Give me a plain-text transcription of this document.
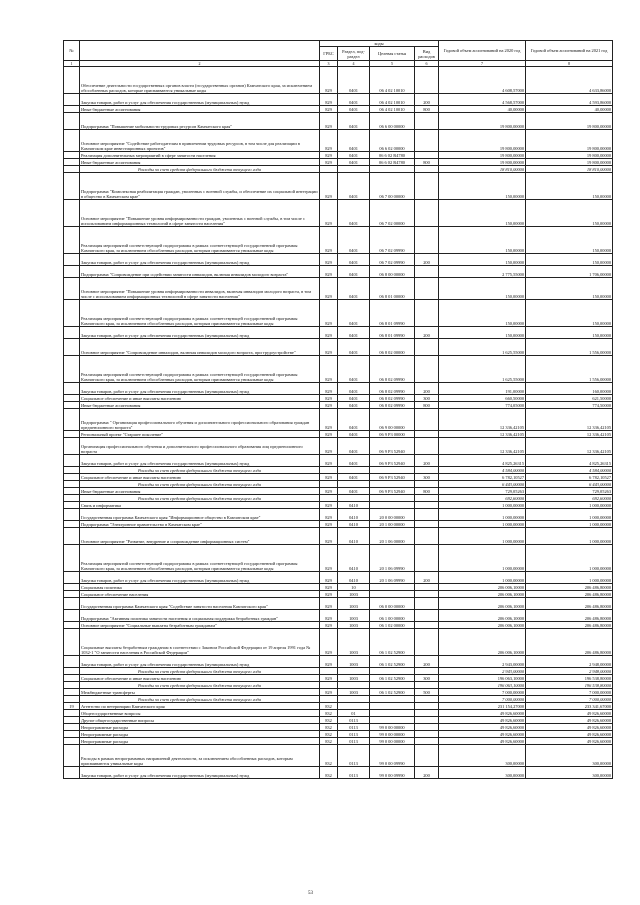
№		коды				Годовой объем ассигнований на 2020 год	Годовой объем ассигнований на 2021 год
		ГРБС	Раздел, под-раздел	Целевая статья	Вид расходов		
1	2	3	4	5	6	7	8
	Обеспечение деятельности государственных органов власти (государственных органов) Камчатского края, за исключением обособленных расходов, которые присваиваются уникальные коды	829	0401	06 4 02 10010		4 608,57000	4 633,86000
	Закупка товаров, работ и услуг для обеспечения государственных (муниципальных) нужд	829	0401	06 4 02 10010	200	4 568,57000	4 593,86000
	Иные бюджетные ассигнования	829	0401	06 4 02 10010	800	40,00000	40,00000
	Подпрограмма "Повышение мобильности трудовых ресурсов Камчатского края"	829	0401	06 6 00 00000		19 800,00000	19 800,00000
	Основное мероприятие "Содействие работодателям в привлечении трудовых ресурсов, в том числе для реализации в Камчатском крае инвестиционных проектов"	829	0401	06 6 02 00000		19 800,00000	19 800,00000
	Реализация дополнительных мероприятий в сфере занятости населения	829	0401	06 6 02 R4780		19 800,00000	19 800,00000
	Иные бюджетные ассигнования	829	0401	06 6 02 R4780	800	19 800,00000	19 800,00000
	Расходы за счет средств федерального бюджета текущего года					18 810,00000	18 810,00000
	Подпрограмма "Комплексная реабилитация граждан, уволенных с военной службы, и обеспечение их социальной интеграции в общество в Камчатском крае"	829	0401	06 7 00 00000		150,00000	150,00000
	Основное мероприятие "Повышение уровня информированности граждан, уволенных с военной службы, в том числе с использованием информационных технологий в сфере занятости населения"	829	0401	06 7 02 00000		150,00000	150,00000
	Реализация мероприятий соответствующей подпрограммы в рамках соответствующей государственной программы Камчатского края, за исключением обособленных расходов, которым присваиваются уникальные коды	829	0401	06 7 02 09990		150,00000	150,00000
	Закупка товаров, работ и услуг для обеспечения государственных (муниципальных) нужд	829	0401	06 7 02 09990	200	150,00000	150,00000
	Подпрограмма "Сопровождение при содействии занятости инвалидов, включая инвалидов молодого возраста"	829	0401	06 8 00 00000		2 775,55000	1 706,00000
	Основное мероприятие "Повышение уровня информированности инвалидов, включая инвалидов молодого возраста, в том числе с использованием информационных технологий в сфере занятости населения"	829	0401	06 8 01 00000		150,00000	150,00000
	Реализация мероприятий соответствующей подпрограммы в рамках соответствующей государственной программы Камчатского края, за исключением обособленных расходов, которым присваиваются уникальные коды	829	0401	06 8 01 09990		150,00000	150,00000
	Закупка товаров, работ и услуг для обеспечения государственных (муниципальных) нужд	829	0401	06 8 01 09990	200	150,00000	150,00000
	Основное мероприятие "Сопровождение инвалидов, включая инвалидов молодого возраста, при трудоустройстве"	829	0401	06 8 02 00000		1 625,55000	1 556,00000
	Реализация мероприятий соответствующей подпрограммы в рамках соответствующей государственной программы Камчатского края, за исключением обособленных расходов, которым присваиваются уникальные коды	829	0401	06 8 02 09990		1 625,55000	1 556,00000
	Закупка товаров, работ и услуг для обеспечения государственных (муниципальных) нужд	829	0401	06 8 02 09990	200	191,00000	160,00000
	Социальное обеспечение и иные выплаты населению	829	0401	06 8 02 09990	300	660,50000	621,50000
	Иные бюджетные ассигнования	829	0401	06 8 02 09990	800	774,05000	774,50000
	Подпрограмма " Организация профессионального обучения и дополнительного профессионального образования граждан предпенсионного возраста"	829	0401	06 9 00 00000		12 336,42105	12 336,42105
	Региональный проект "Старшее поколение"	829	0401	06 9 P3 00000		12 336,42105	12 336,42105
	Организация профессионального обучения и дополнительного профессионального образования лиц предпенсионного возраста	829	0401	06 9 P3 52940		12 336,42105	12 336,42105
	Закупка товаров, работ и услуг для обеспечения государственных (муниципальных) нужд	829	0401	06 9 P3 52940	200	4 825,26315	4 825,26315
	Расходы за счет средств федерального бюджета текущего года					4 584,00000	4 584,00000
	Социальное обеспечение и иные выплаты населению	829	0401	06 9 P3 52940	300	6 782,10527	6 782,10527
	Расходы за счет средств федерального бюджета текущего года					6 443,00000	6 443,00000
	Иные бюджетные ассигнования	829	0401	06 9 P3 52940	800	729,05263	729,05263
	Расходы за счет средств федерального бюджета текущего года					692,60000	692,60000
	Связь и информатика	829	0410			1 000,00000	1 000,00000
	Государственная программа Камчатского края "Информационное общество в Камчатском крае"	829	0410	20 0 00 00000		1 000,00000	1 000,00000
	Подпрограмма "Электронное правительство в Камчатском крае"	829	0410	20 1 00 00000		1 000,00000	1 000,00000
	Основное мероприятие "Развитие, внедрение и сопровождение информационных систем"	829	0410	20 1 06 00000		1 000,00000	1 000,00000
	Реализация мероприятий соответствующей подпрограммы в рамках соответствующей государственной программы Камчатского края, за исключением обособленных расходов, которым присваиваются уникальные коды	829	0410	20 1 06 09990		1 000,00000	1 000,00000
	Закупка товаров, работ и услуг для обеспечения государственных (муниципальных) нужд	829	0410	20 1 06 09990	200	1 000,00000	1 000,00000
	Социальная политика	829	10			206 006,10000	206 486,80000
	Социальное обеспечение населения	829	1003			206 006,10000	206 486,80000
	Государственная программа Камчатского края "Содействие занятости населения Камчатского края"	829	1003	06 0 00 00000		206 006,10000	206 486,80000
	Подпрограмма "Активная политика занятости населения и социальная поддержка безработных граждан"	829	1003	06 1 00 00000		206 006,10000	206 486,80000
	Основное мероприятие "Социальные выплаты безработным гражданам"	829	1003	06 1 02 00000		206 006,10000	206 486,80000
	Социальные выплаты безработным гражданам в соответствии с Законом Российской Федерации от 19 апреля 1991 года № 1032-1 "О занятости населения в Российской Федерации"	829	1003	06 1 02 52900		206 006,10000	206 486,80000
	Закупка товаров, работ и услуг для обеспечения государственных (муниципальных) нужд	829	1003	06 1 02 52900	200	2 943,00000	2 948,00000
	Расходы за счет средств федерального бюджета текущего года					2 943,00000	2 948,00000
	Социальное обеспечение и иные выплаты населению	829	1003	06 1 02 52900	300	196 063,10000	196 538,80000
	Расходы за счет средств федерального бюджета текущего года					196 063,10000	196 538,80000
	Межбюджетные трансферты	829	1003	06 1 02 52900	500	7 000,00000	7 000,00000
	Расходы за счет средств федерального бюджета текущего года					7 000,00000	7 000,00000
19	Агентство по ветеринарии Камчатского края	832				231 154,27000	233 341,67000
	Общегосударственные вопросы	832	01			49 826,60000	49 826,60000
	Другие общегосударственные вопросы	832	0113			49 826,60000	49 826,60000
	Непрограммные расходы	832	0113	99 0 00 00000		49 826,60000	49 826,60000
	Непрограммные расходы	832	0113	99 0 00 00000		49 826,60000	49 826,60000
	Непрограммные расходы	832	0113	99 0 00 00000		49 826,60000	49 826,60000
	Расходы в рамках непрограммных направлений деятельности, за исключением обособленных расходов, которым присваиваются уникальные коды	832	0113	99 0 00 09990		300,00000	300,00000
	Закупка товаров, работ и услуг для обеспечения государственных (муниципальных) нужд	832	0113	99 0 00 09990	200	300,00000	300,00000
53
